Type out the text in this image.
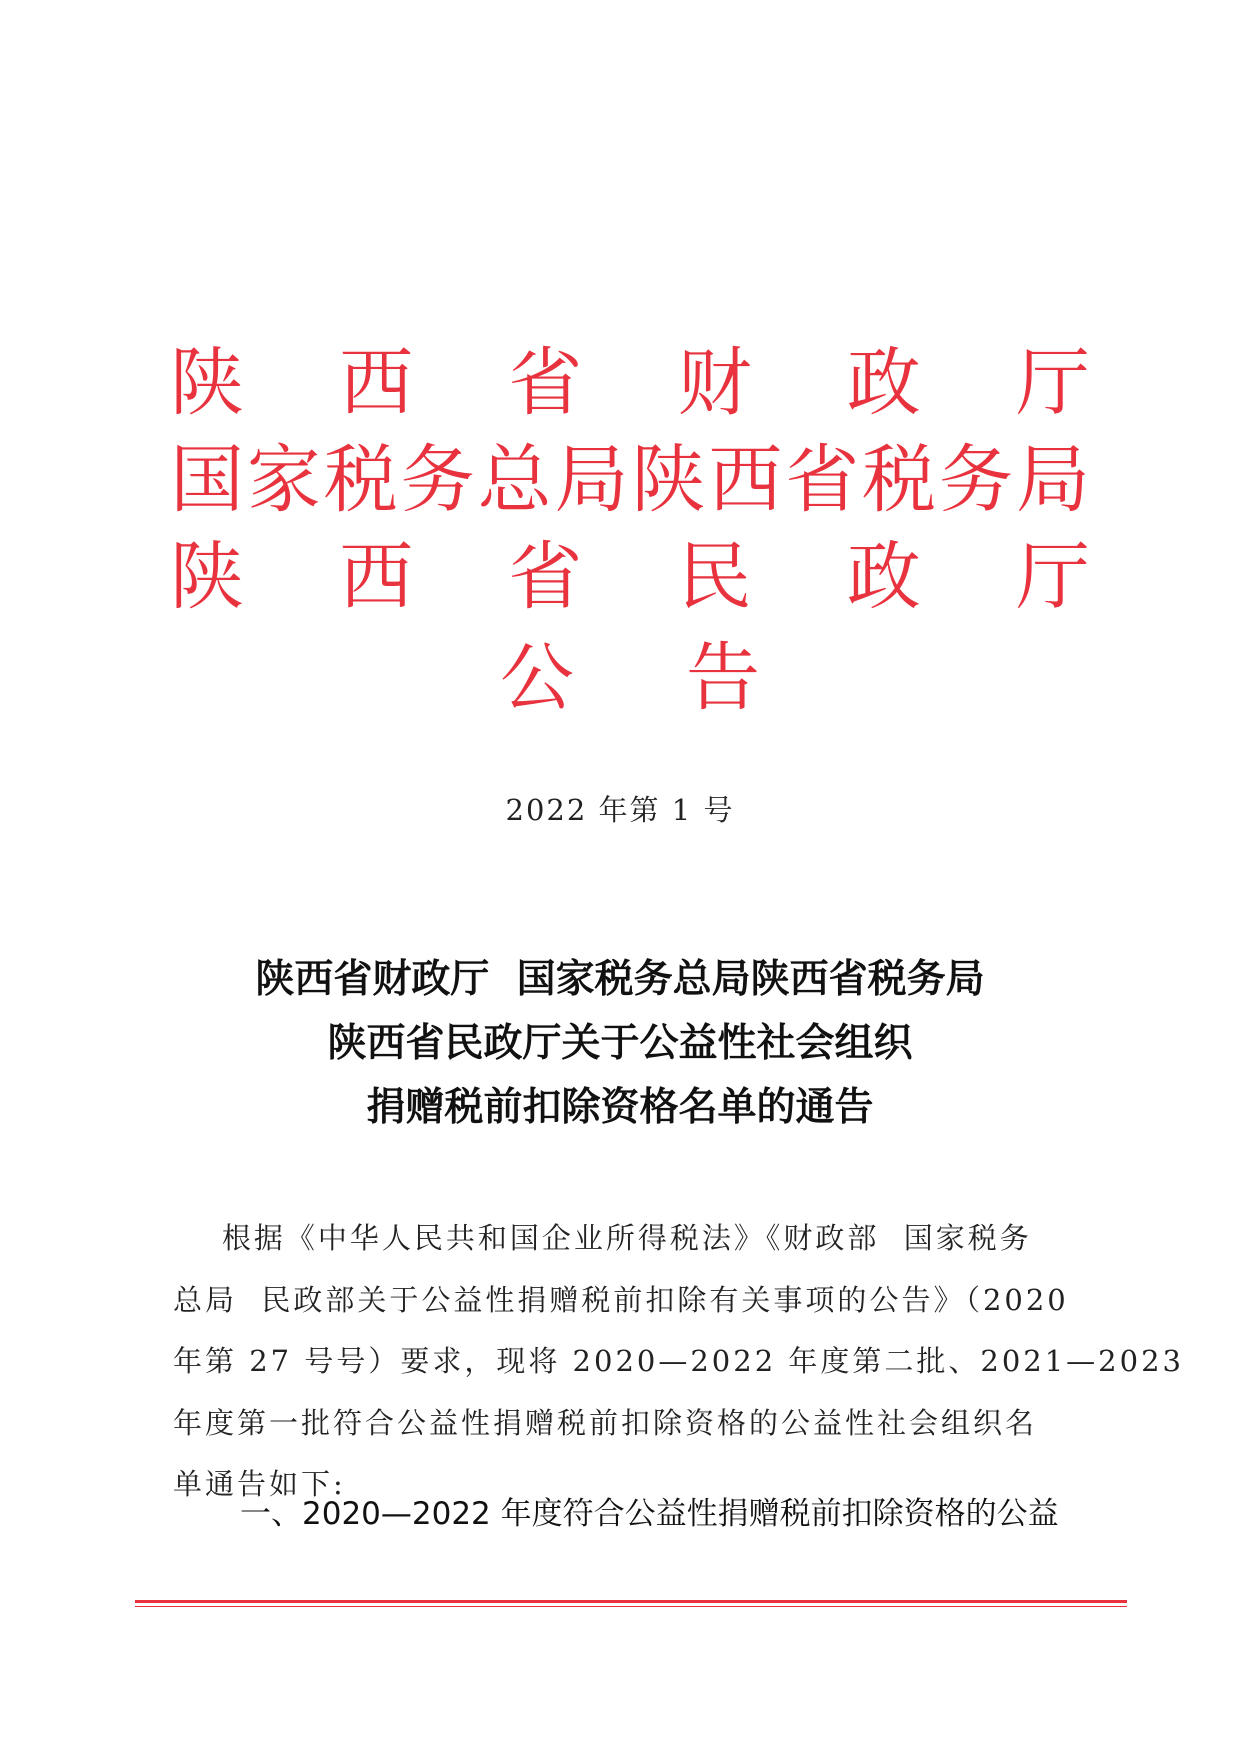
陕 西 省 财 政 厅
国 家 税 务 总 局 陕 西 省 税 务 局
陕 西 省 民 政 厅
公 告
2022 年第 1 号
陕西省财政厅  国家税务总局陕西省税务局
陕西省民政厅关于公益性社会组织
捐赠税前扣除资格名单的通告
根据《中华人民共和国企业所得税法》《财政部  国家税务
总局  民政部关于公益性捐赠税前扣除有关事项的公告》（2020
年第 27 号号）要求，现将 2020—2022 年度第二批、2021—2023
年度第一批符合公益性捐赠税前扣除资格的公益性社会组织名
单通告如下:
一、2020—2022 年度符合公益性捐赠税前扣除资格的公益
